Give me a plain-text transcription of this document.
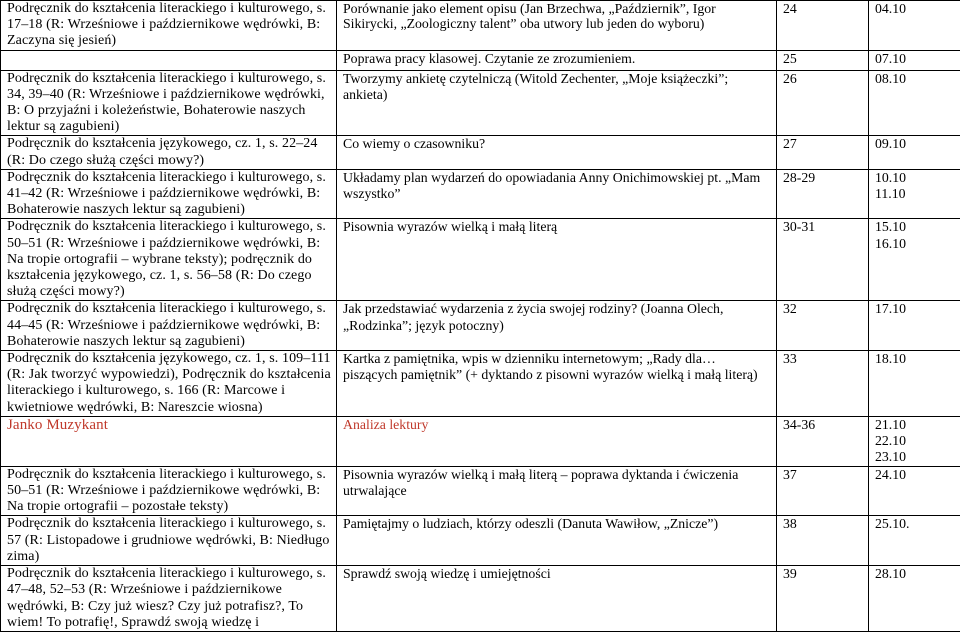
Podręcznik do kształcenia literackiego i kulturowego, s. 17–18 (R: Wrześniowe i październikowe wędrówki, B: Zaczyna się jesień)	Porównanie jako element opisu (Jan Brzechwa, „Październik”, Igor Sikirycki, „Zoologiczny talent” oba utwory lub jeden do wyboru)	24	04.10

	Poprawa pracy klasowej. Czytanie ze zrozumieniem.	25	07.10

Podręcznik do kształcenia literackiego i kulturowego, s. 34, 39–40 (R: Wrześniowe i październikowe wędrówki, B: O przyjaźni i koleżeństwie, Bohaterowie naszych lektur są zagubieni)	Tworzymy ankietę czytelniczą (Witold Zechenter, „Moje książeczki”; ankieta)	26	08.10

Podręcznik do kształcenia językowego, cz. 1, s. 22–24 (R: Do czego służą części mowy?)	Co wiemy o czasowniku?	27	09.10

Podręcznik do kształcenia literackiego i kulturowego, s. 41–42 (R: Wrześniowe i październikowe wędrówki, B: Bohaterowie naszych lektur są zagubieni)	Układamy plan wydarzeń do opowiadania Anny Onichimowskiej pt. „Mam wszystko”	28-29	10.10
11.10

Podręcznik do kształcenia literackiego i kulturowego, s. 50–51 (R: Wrześniowe i październikowe wędrówki, B: Na tropie ortografii – wybrane teksty); podręcznik do kształcenia językowego, cz. 1, s. 56–58 (R: Do czego służą części mowy?)	Pisownia wyrazów wielką i małą literą	30-31	15.10
16.10

Podręcznik do kształcenia literackiego i kulturowego, s. 44–45 (R: Wrześniowe i październikowe wędrówki, B: Bohaterowie naszych lektur są zagubieni)	Jak przedstawiać wydarzenia z życia swojej rodziny? (Joanna Olech, „Rodzinka”; język potoczny)	32	17.10

Podręcznik do kształcenia językowego, cz. 1, s. 109–111 (R: Jak tworzyć wypowiedzi), Podręcznik do kształcenia literackiego i kulturowego, s. 166 (R: Marcowe i kwietniowe wędrówki, B: Nareszcie wiosna)	Kartka z pamiętnika, wpis w dzienniku internetowym; „Rady dla… piszących pamiętnik” (+ dyktando z pisowni wyrazów wielką i małą literą)	33	18.10

Janko Muzykant	Analiza lektury	34-36	21.10
22.10
23.10

Podręcznik do kształcenia literackiego i kulturowego, s. 50–51 (R: Wrześniowe i październikowe wędrówki, B: Na tropie ortografii – pozostałe teksty)	Pisownia wyrazów wielką i małą literą – poprawa dyktanda i ćwiczenia utrwalające	37	24.10

Podręcznik do kształcenia literackiego i kulturowego, s. 57 (R: Listopadowe i grudniowe wędrówki, B: Niedługo zima)	Pamiętajmy o ludziach, którzy odeszli (Danuta Wawiłow, „Znicze”)	38	25.10.

Podręcznik do kształcenia literackiego i kulturowego, s. 47–48, 52–53 (R: Wrześniowe i październikowe wędrówki, B: Czy już wiesz? Czy już potrafisz?, To wiem! To potrafię!, Sprawdź swoją wiedzę i	Sprawdź swoją wiedzę i umiejętności	39	28.10
